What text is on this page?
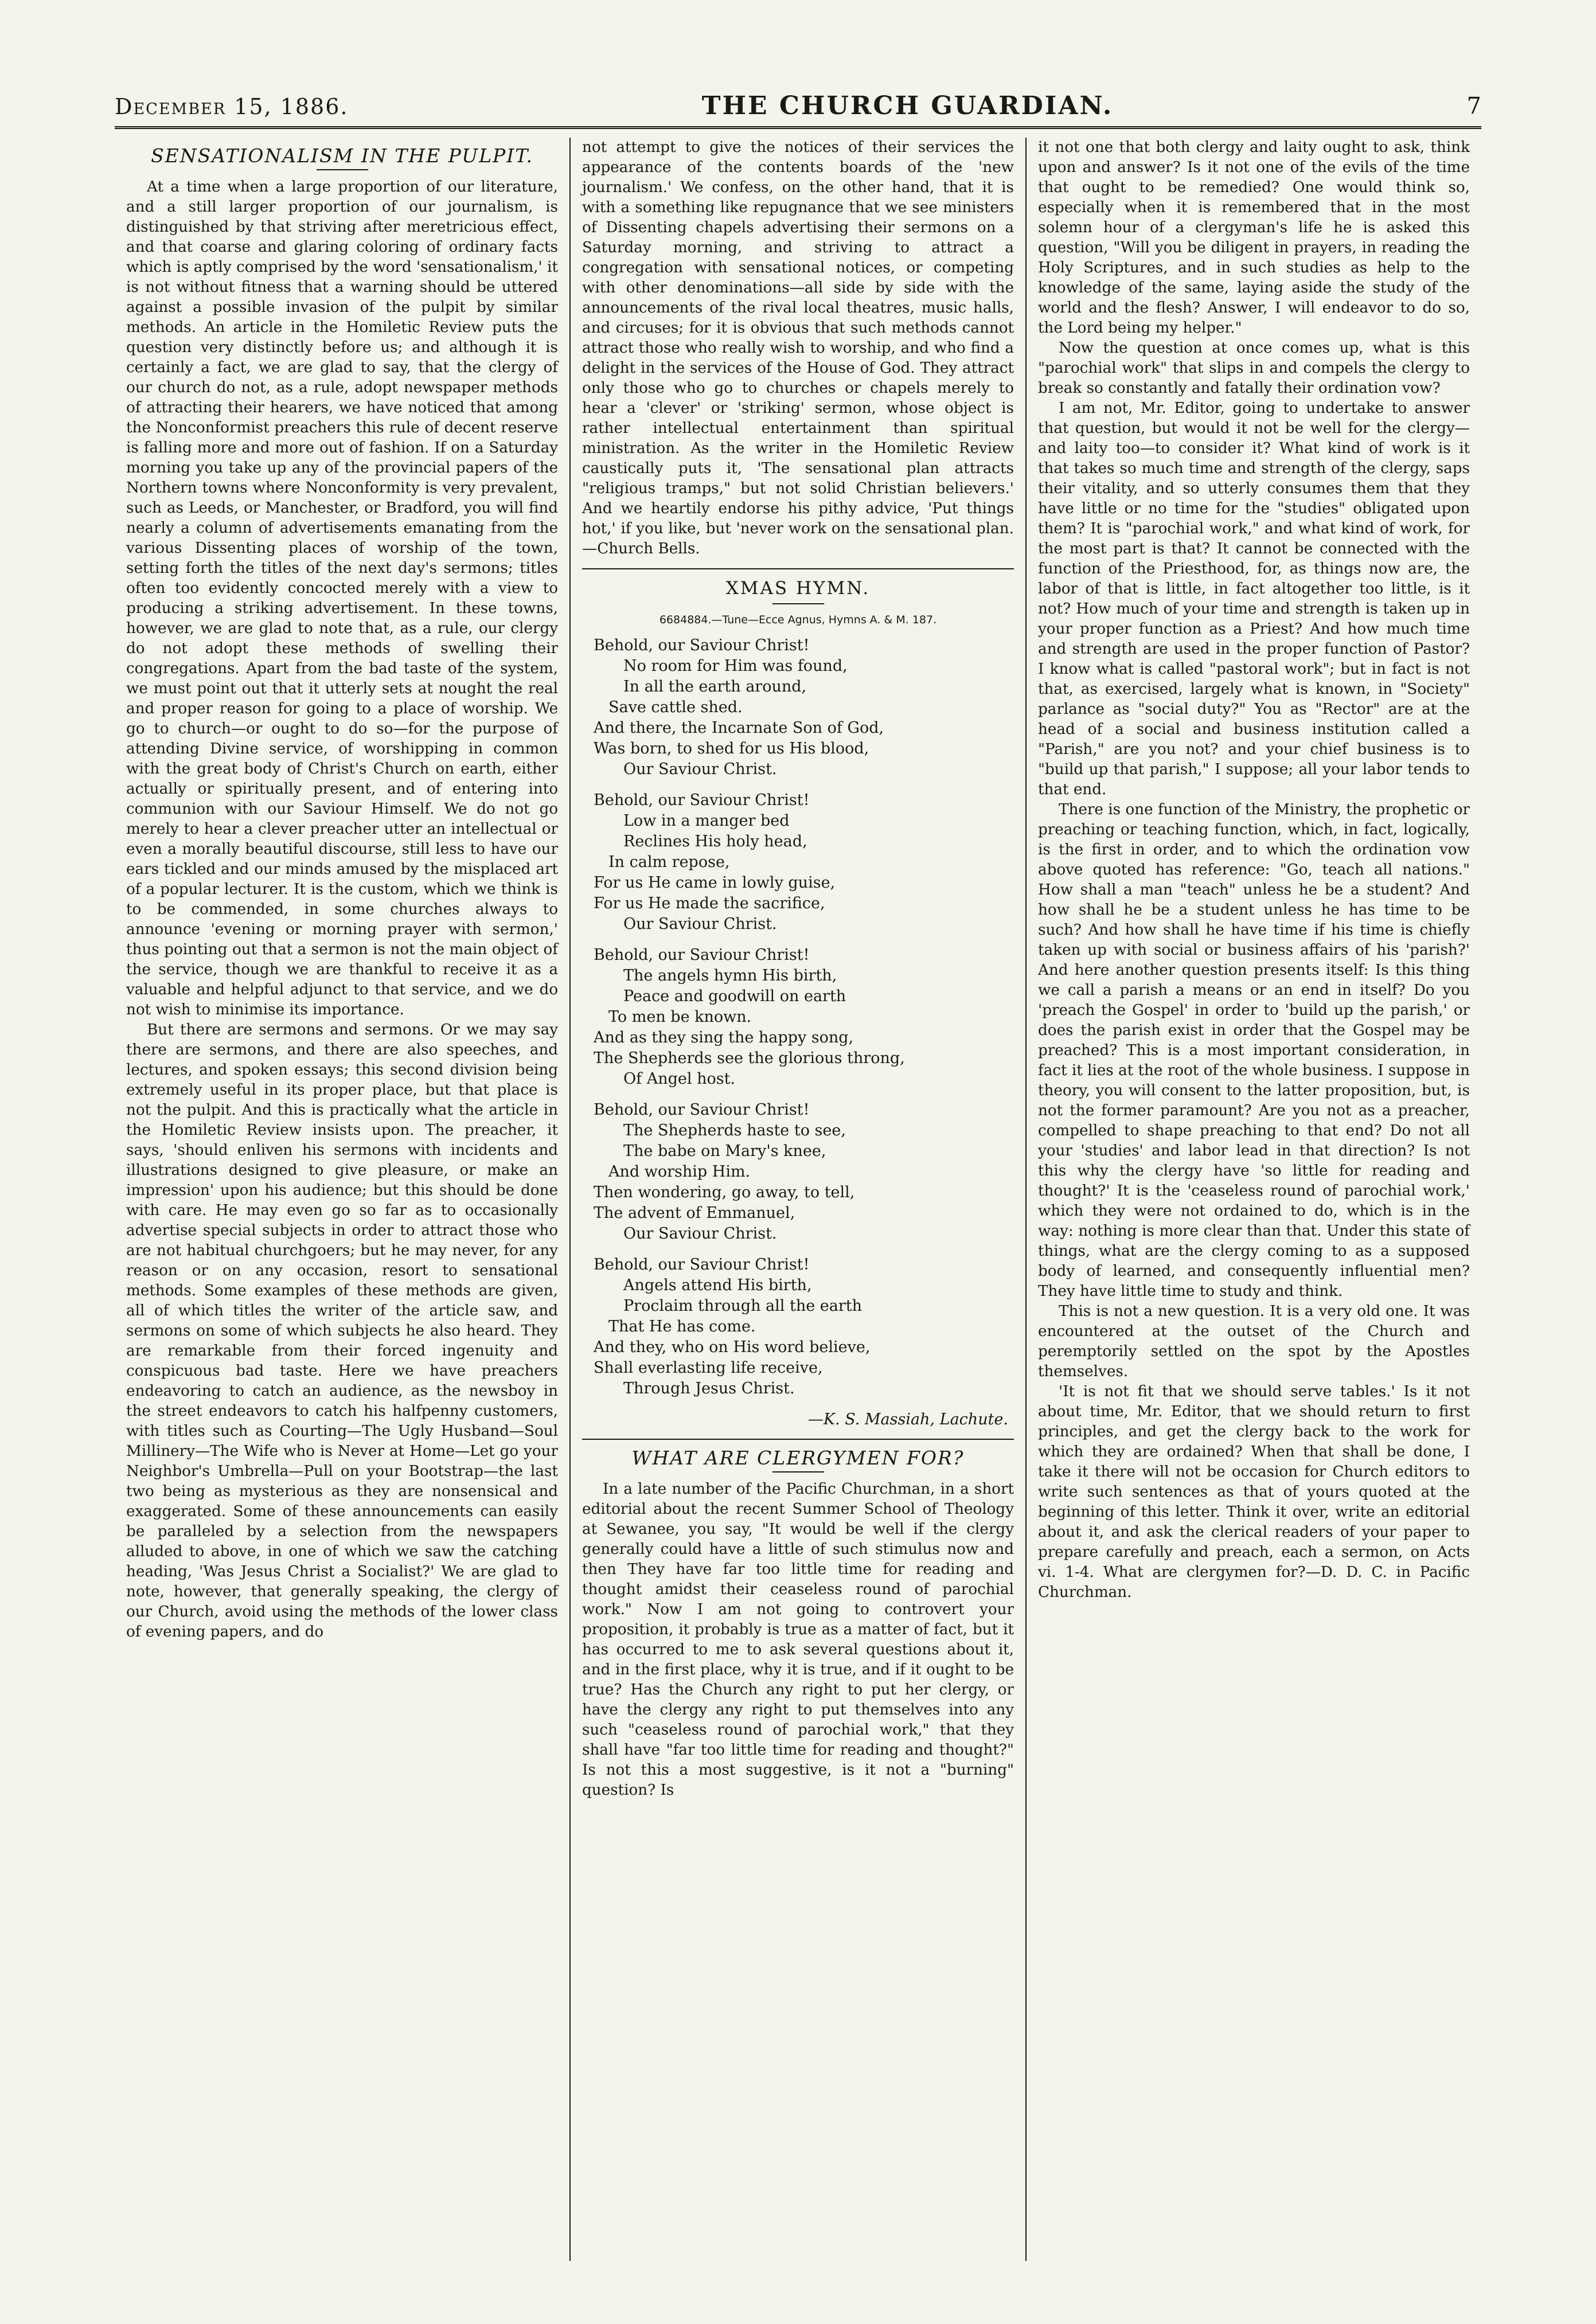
December 15, 1886.	THE CHURCH GUARDIAN.	7
SENSATIONALISM IN THE PULPIT.

At a time when a large proportion of our literature, and a still larger proportion of our journalism, is distinguished by that striving after meretricious effect, and that coarse and glaring coloring of ordinary facts which is aptly comprised by the word 'sensationalism,' it is not without fitness that a warning should be uttered against a possible invasion of the pulpit by similar methods. An article in the Homiletic Review puts the question very distinctly before us; and although it is certainly a fact, we are glad to say, that the clergy of our church do not, as a rule, adopt newspaper methods of attracting their hearers, we have noticed that among the Nonconformist preachers this rule of decent reserve is falling more and more out of fashion. If on a Saturday morning you take up any of the provincial papers of the Northern towns where Nonconformity is very prevalent, such as Leeds, or Manchester, or Bradford, you will find nearly a column of advertisements emanating from the various Dissenting places of worship of the town, setting forth the titles of the next day's sermons; titles often too evidently concocted merely with a view to producing a striking advertisement. In these towns, however, we are glad to note that, as a rule, our clergy do not adopt these methods of swelling their congregations. Apart from the bad taste of the system, we must point out that it utterly sets at nought the real and proper reason for going to a place of worship. We go to church—or ought to do so—for the purpose of attending Divine service, of worshipping in common with the great body of Christ's Church on earth, either actually or spiritually present, and of entering into communion with our Saviour Himself. We do not go merely to hear a clever preacher utter an intellectual or even a morally beautiful discourse, still less to have our ears tickled and our minds amused by the misplaced art of a popular lecturer. It is the custom, which we think is to be commended, in some churches always to announce 'evening or morning prayer with sermon,' thus pointing out that a sermon is not the main object of the service, though we are thankful to receive it as a valuable and helpful adjunct to that service, and we do not wish to minimise its importance.

But there are sermons and sermons. Or we may say there are sermons, and there are also speeches, and lectures, and spoken essays; this second division being extremely useful in its proper place, but that place is not the pulpit. And this is practically what the article in the Homiletic Review insists upon. The preacher, it says, 'should enliven his sermons with incidents and illustrations designed to give pleasure, or make an impression' upon his audience; but this should be done with care. He may even go so far as to occasionally advertise special subjects in order to attract those who are not habitual churchgoers; but he may never, for any reason or on any occasion, resort to sensational methods. Some examples of these methods are given, all of which titles the writer of the article saw, and sermons on some of which subjects he also heard. They are remarkable from their forced ingenuity and conspicuous bad taste. Here we have preachers endeavoring to catch an audience, as the newsboy in the street endeavors to catch his halfpenny customers, with titles such as Courting—The Ugly Husband—Soul Millinery—The Wife who is Never at Home—Let go your Neighbor's Umbrella—Pull on your Bootstrap—the last two being as mysterious as they are nonsensical and exaggerated. Some of these announcements can easily be paralleled by a selection from the newspapers alluded to above, in one of which we saw the catching heading, 'Was Jesus Christ a Socialist?' We are glad to note, however, that generally speaking, the clergy of our Church, avoid using the methods of the lower class of evening papers, and do

not attempt to give the notices of their services the appearance of the contents boards of the 'new journalism.' We confess, on the other hand, that it is with a something like repugnance that we see ministers of Dissenting chapels advertising their sermons on a Saturday morning, and striving to attract a congregation with sensational notices, or competing with other denominations—all side by side with the announcements of the rival local theatres, music halls, and circuses; for it is obvious that such methods cannot attract those who really wish to worship, and who find a delight in the services of the House of God. They attract only those who go to churches or chapels merely to hear a 'clever' or 'striking' sermon, whose object is rather intellectual entertainment than spiritual ministration. As the writer in the Homiletic Review caustically puts it, 'The sensational plan attracts "religious tramps," but not solid Christian believers.' And we heartily endorse his pithy advice, 'Put things hot,' if you like, but 'never work on the sensational plan.—Church Bells.

XMAS HYMN.
6684884.—Tune—Ecce Agnus, Hymns A. & M. 187.
Behold, our Saviour Christ!
No room for Him was found,
In all the earth around,
Save cattle shed.
And there, the Incarnate Son of God,
Was born, to shed for us His blood,
Our Saviour Christ.
Behold, our Saviour Christ!
Low in a manger bed
Reclines His holy head,
In calm repose,
For us He came in lowly guise,
For us He made the sacrifice,
Our Saviour Christ.
Behold, our Saviour Christ!
The angels hymn His birth,
Peace and goodwill on earth
To men be known.
And as they sing the happy song,
The Shepherds see the glorious throng,
Of Angel host.
Behold, our Saviour Christ!
The Shepherds haste to see,
The babe on Mary's knee,
And worship Him.
Then wondering, go away, to tell,
The advent of Emmanuel,
Our Saviour Christ.
Behold, our Saviour Christ!
Angels attend His birth,
Proclaim through all the earth
That He has come.
And they, who on His word believe,
Shall everlasting life receive,
Through Jesus Christ.
—K. S. Massiah, Lachute.
WHAT ARE CLERGYMEN FOR?

In a late number of the Pacific Churchman, in a short editorial about the recent Summer School of Theology at Sewanee, you say, "It would be well if the clergy generally could have a little of such stimulus now and then They have far too little time for reading and thought amidst their ceaseless round of parochial work." Now I am not going to controvert your proposition, it probably is true as a matter of fact, but it has occurred to me to ask several questions about it, and in the first place, why it is true, and if it ought to be true? Has the Church any right to put her clergy, or have the clergy any right to put themselves into any such "ceaseless round of parochial work," that they shall have "far too little time for reading and thought?" Is not this a most suggestive, is it not a "burning" question? Is

it not one that both clergy and laity ought to ask, think upon and answer? Is it not one of the evils of the time that ought to be remedied? One would think so, especially when it is remembered that in the most solemn hour of a clergyman's life he is asked this question, "Will you be diligent in prayers, in reading the Holy Scriptures, and in such studies as help to the knowledge of the same, laying aside the study of the world and the flesh? Answer, I will endeavor to do so, the Lord being my helper."

Now the question at once comes up, what is this "parochial work" that slips in and compels the clergy to break so constantly and fatally their ordination vow?

I am not, Mr. Editor, going to undertake to answer that question, but would it not be well for the clergy—and laity too—to consider it? What kind of work is it that takes so much time and strength of the clergy, saps their vitality, and so utterly consumes them that they have little or no time for the "studies" obligated upon them? It is "parochial work," and what kind of work, for the most part is that? It cannot be connected with the function of the Priesthood, for, as things now are, the labor of that is little, in fact altogether too little, is it not? How much of your time and strength is taken up in your proper function as a Priest? And how much time and strength are used in the proper function of Pastor? I know what is called "pastoral work"; but in fact is not that, as exercised, largely what is known, in "Society" parlance as "social duty?" You as "Rector" are at the head of a social and business institution called a "Parish," are you not? and your chief business is to "build up that parish," I suppose; all your labor tends to that end.

There is one function of the Ministry, the prophetic or preaching or teaching function, which, in fact, logically, is the first in order, and to which the ordination vow above quoted has reference: "Go, teach all nations." How shall a man "teach" unless he be a student? And how shall he be a student unless he has time to be such? And how shall he have time if his time is chiefly taken up with social or business affairs of his 'parish?' And here another question presents itself: Is this thing we call a parish a means or an end in itself? Do you 'preach the Gospel' in order to 'build up the parish,' or does the parish exist in order that the Gospel may be preached? This is a most important consideration, in fact it lies at the root of the whole business. I suppose in theory, you will consent to the latter proposition, but, is not the former paramount? Are you not as a preacher, compelled to shape preaching to that end? Do not all your 'studies' and labor lead in that direction? Is not this why the clergy have 'so little for reading and thought?' It is the 'ceaseless round of parochial work,' which they were not ordained to do, which is in the way: nothing is more clear than that. Under this state of things, what are the clergy coming to as a supposed body of learned, and consequently influential men? They have little time to study and think.

This is not a new question. It is a very old one. It was encountered at the outset of the Church and peremptorily settled on the spot by the Apostles themselves.

'It is not fit that we should serve tables.' Is it not about time, Mr. Editor, that we should return to first principles, and get the clergy back to the work for which they are ordained? When that shall be done, I take it there will not be occasion for Church editors to write such sentences as that of yours quoted at the beginning of this letter. Think it over, write an editorial about it, and ask the clerical readers of your paper to prepare carefully and preach, each a sermon, on Acts vi. 1-4. What are clergymen for?—D. D. C. in Pacific Churchman.
